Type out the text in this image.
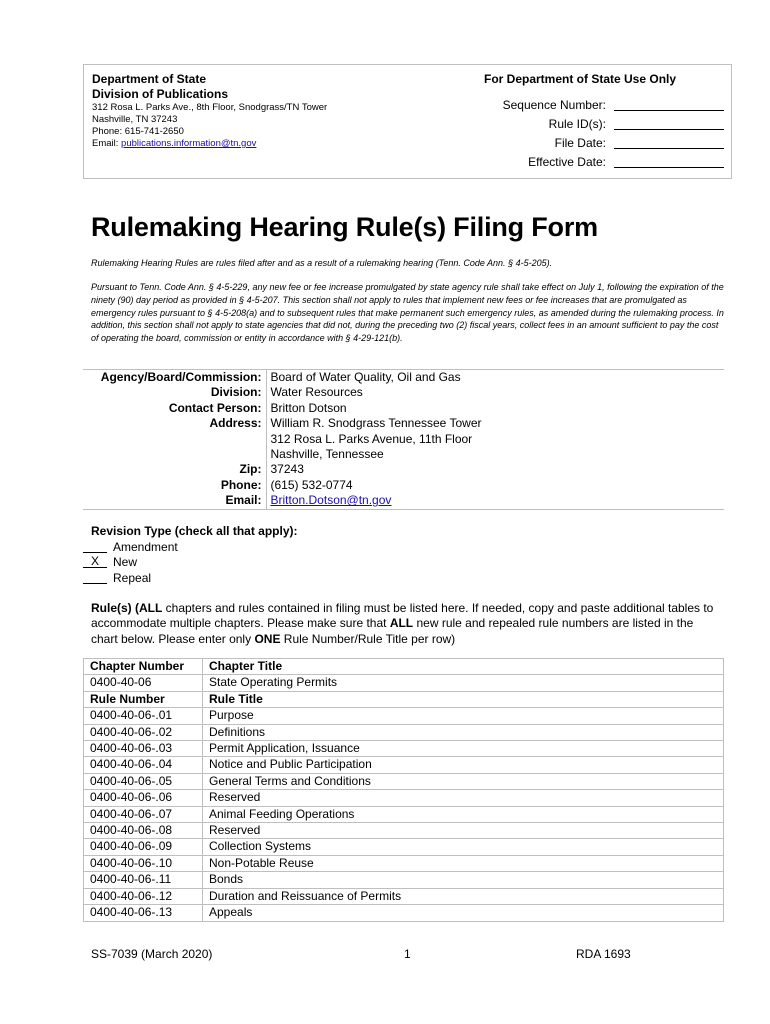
Department of State
Division of Publications
312 Rosa L. Parks Ave., 8th Floor, Snodgrass/TN Tower
Nashville, TN 37243
Phone: 615-741-2650
Email: publications.information@tn.gov
For Department of State Use Only
Sequence Number:
Rule ID(s):
File Date:
Effective Date:
Rulemaking Hearing Rule(s) Filing Form
Rulemaking Hearing Rules are rules filed after and as a result of a rulemaking hearing (Tenn. Code Ann. § 4-5-205).
Pursuant to Tenn. Code Ann. § 4-5-229, any new fee or fee increase promulgated by state agency rule shall take effect on July 1, following the expiration of the ninety (90) day period as provided in § 4-5-207. This section shall not apply to rules that implement new fees or fee increases that are promulgated as emergency rules pursuant to § 4-5-208(a) and to subsequent rules that make permanent such emergency rules, as amended during the rulemaking process. In addition, this section shall not apply to state agencies that did not, during the preceding two (2) fiscal years, collect fees in an amount sufficient to pay the cost of operating the board, commission or entity in accordance with § 4-29-121(b).
Agency/Board/Commission:	Board of Water Quality, Oil and Gas
Division:	Water Resources
Contact Person:	Britton Dotson
Address:	William R. Snodgrass Tennessee Tower
312 Rosa L. Parks Avenue, 11th Floor
Nashville, Tennessee

Zip:	37243
Phone:	(615) 532-0774
Email:	Britton.Dotson@tn.gov
Revision Type (check all that apply):
Amendment
X New
Repeal
Rule(s) (ALL chapters and rules contained in filing must be listed here. If needed, copy and paste additional tables to accommodate multiple chapters. Please make sure that ALL new rule and repealed rule numbers are listed in the chart below. Please enter only ONE Rule Number/Rule Title per row)
Chapter Number	Chapter Title
0400-40-06	State Operating Permits
Rule Number	Rule Title
0400-40-06-.01	Purpose
0400-40-06-.02	Definitions
0400-40-06-.03	Permit Application, Issuance
0400-40-06-.04	Notice and Public Participation
0400-40-06-.05	General Terms and Conditions
0400-40-06-.06	Reserved
0400-40-06-.07	Animal Feeding Operations
0400-40-06-.08	Reserved
0400-40-06-.09	Collection Systems
0400-40-06-.10	Non-Potable Reuse
0400-40-06-.11	Bonds
0400-40-06-.12	Duration and Reissuance of Permits
0400-40-06-.13	Appeals
SS-7039 (March 2020)	1	RDA 1693
